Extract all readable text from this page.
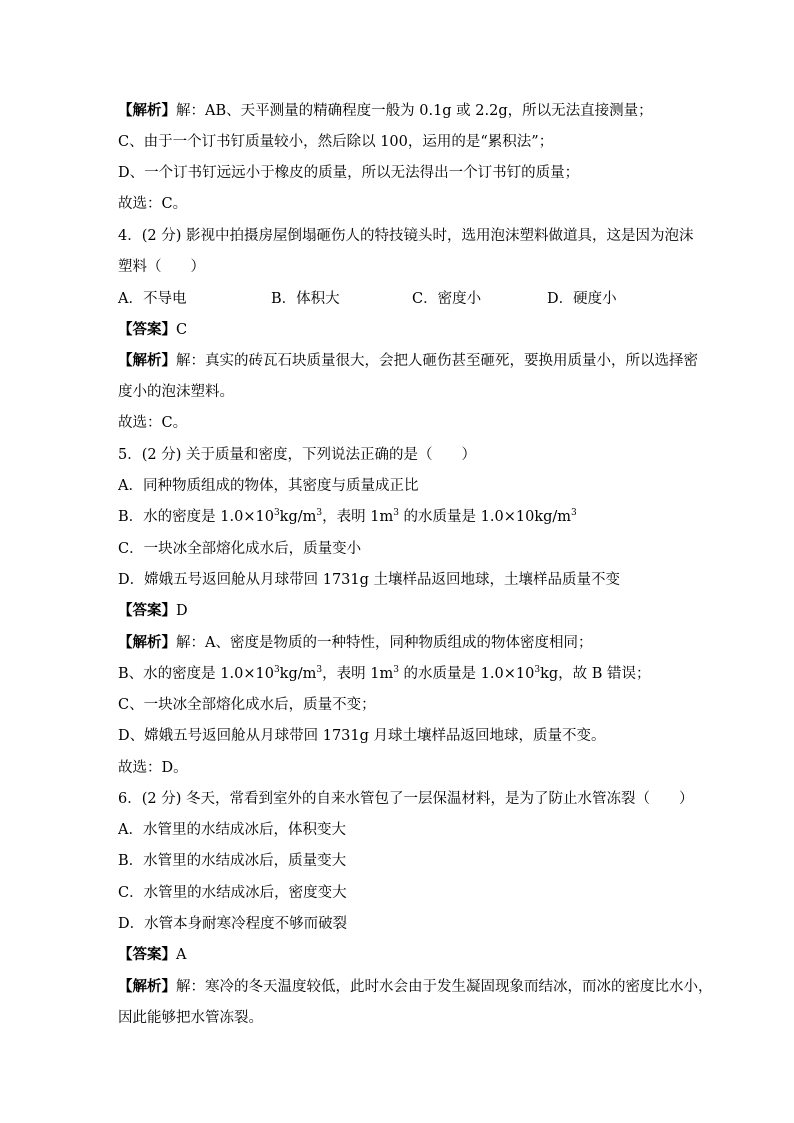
【解析】解：AB、天平测量的精确程度一般为 0.1g 或 2.2g，所以无法直接测量；
C、由于一个订书钉质量较小，然后除以 100，运用的是“累积法”；
D、一个订书钉远远小于橡皮的质量，所以无法得出一个订书钉的质量；
故选：C。
4．(2 分) 影视中拍摄房屋倒塌砸伤人的特技镜头时，选用泡沫塑料做道具，这是因为泡沫
塑料（　　）
A．不导电	B．体积大	C．密度小	D．硬度小
【答案】C
【解析】解：真实的砖瓦石块质量很大，会把人砸伤甚至砸死，要换用质量小，所以选择密
度小的泡沫塑料。
故选：C。
5．(2 分) 关于质量和密度，下列说法正确的是（　　）
A．同种物质组成的物体，其密度与质量成正比
B．水的密度是 $1.0\times 10^3kg/m^3$，表明 $1m^3$ 的水质量是 $1.0\times 10kg/m^3$
C．一块冰全部熔化成水后，质量变小
D．嫦娥五号返回舱从月球带回 1731g 土壤样品返回地球，土壤样品质量不变
【答案】D
【解析】解：A、密度是物质的一种特性，同种物质组成的物体密度相同；
B、水的密度是 $1.0\times 10^3kg/m^3$，表明 $1m^3$ 的水质量是 $1.0\times 10^3kg$，故 B 错误；
C、一块冰全部熔化成水后，质量不变；
D、嫦娥五号返回舱从月球带回 1731g 月球土壤样品返回地球，质量不变。
故选：D。
6．(2 分) 冬天，常看到室外的自来水管包了一层保温材料，是为了防止水管冻裂（　　）
A．水管里的水结成冰后，体积变大
B．水管里的水结成冰后，质量变大
C．水管里的水结成冰后，密度变大
D．水管本身耐寒冷程度不够而破裂
【答案】A
【解析】解：寒冷的冬天温度较低，此时水会由于发生凝固现象而结冰，而冰的密度比水小，
因此能够把水管冻裂。
